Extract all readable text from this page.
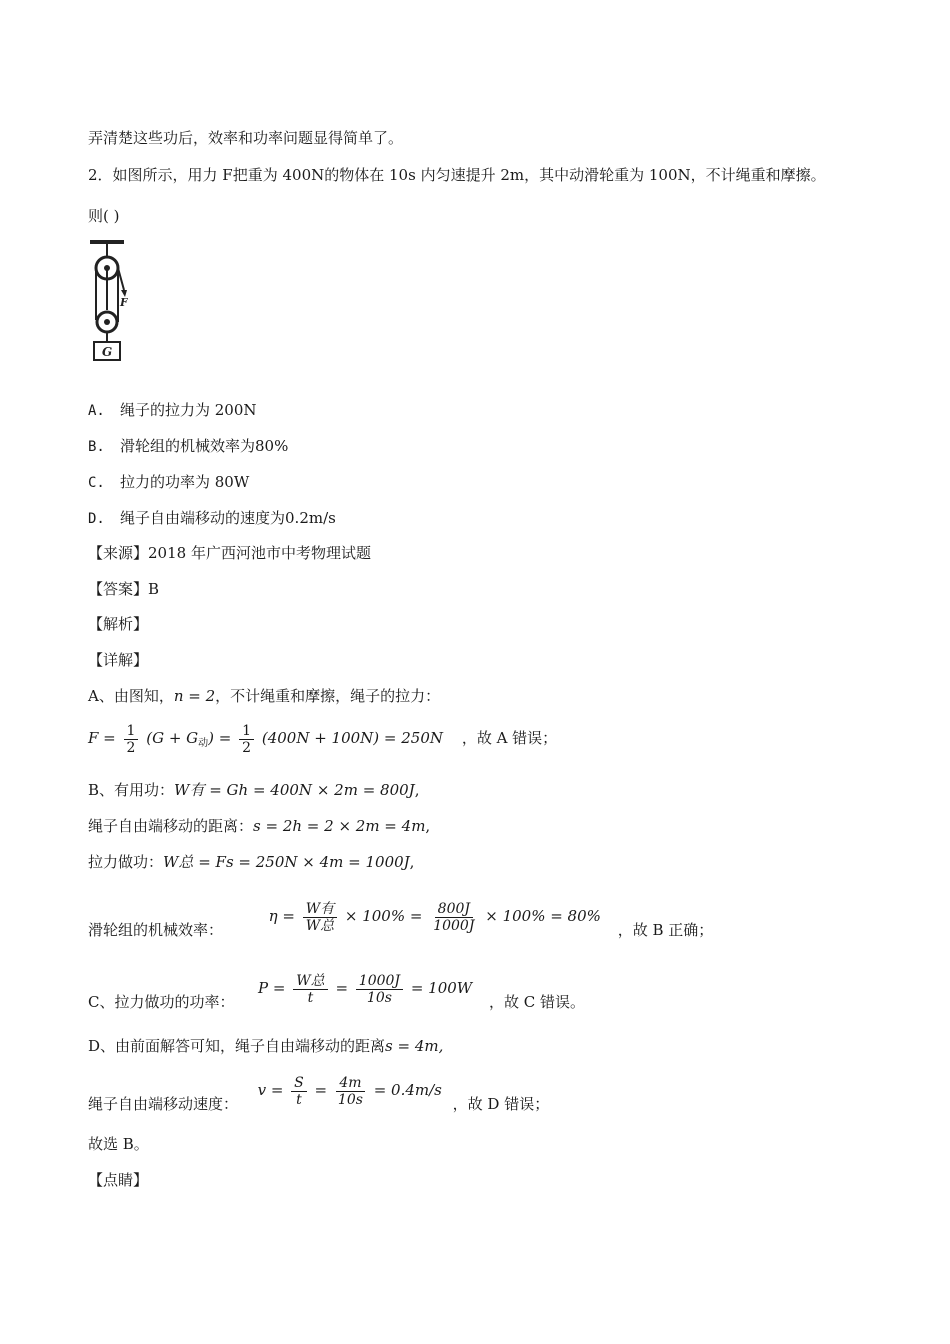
弄清楚这些功后，效率和功率问题显得简单了。
2．如图所示，用力 F把重为 400N的物体在 10s 内匀速提升 2m，其中动滑轮重为 100N，不计绳重和摩擦。
则( )
F
G
A. 绳子的拉力为 200N
B. 滑轮组的机械效率为80%
C. 拉力的功率为 80W
D. 绳子自由端移动的速度为0.2m/s
【来源】2018 年广西河池市中考物理试题
【答案】B
【解析】
【详解】
A、由图知，n = 2，不计绳重和摩擦，绳子的拉力：
$F = \frac{1}{2} (G + G_动) = \frac{1}{2} (400N + 100N) = 250N$ ，故 A 错误；
B、有用功：W有 = Gh = 400N × 2m = 800J,
绳子自由端移动的距离：s = 2h = 2 × 2m = 4m,
拉力做功：W总 = Fs = 250N × 4m = 1000J,
滑轮组的机械效率：  $\eta = \frac{\text{W有}}{\text{W总}} \times 100\% = \frac{800J}{1000J} \times 100\% = 80\%$ ，故 B 正确；
C、拉力做功的功率：  $P = \frac{\text{W总}}{t} = \frac{1000J}{10s} = 100W$ ，故 C 错误。
D、由前面解答可知，绳子自由端移动的距离s = 4m,
绳子自由端移动速度：  $v = \frac{S}{t} = \frac{4m}{10s} = 0.4m/s$ ，故 D 错误；
故选 B。
【点睛】
